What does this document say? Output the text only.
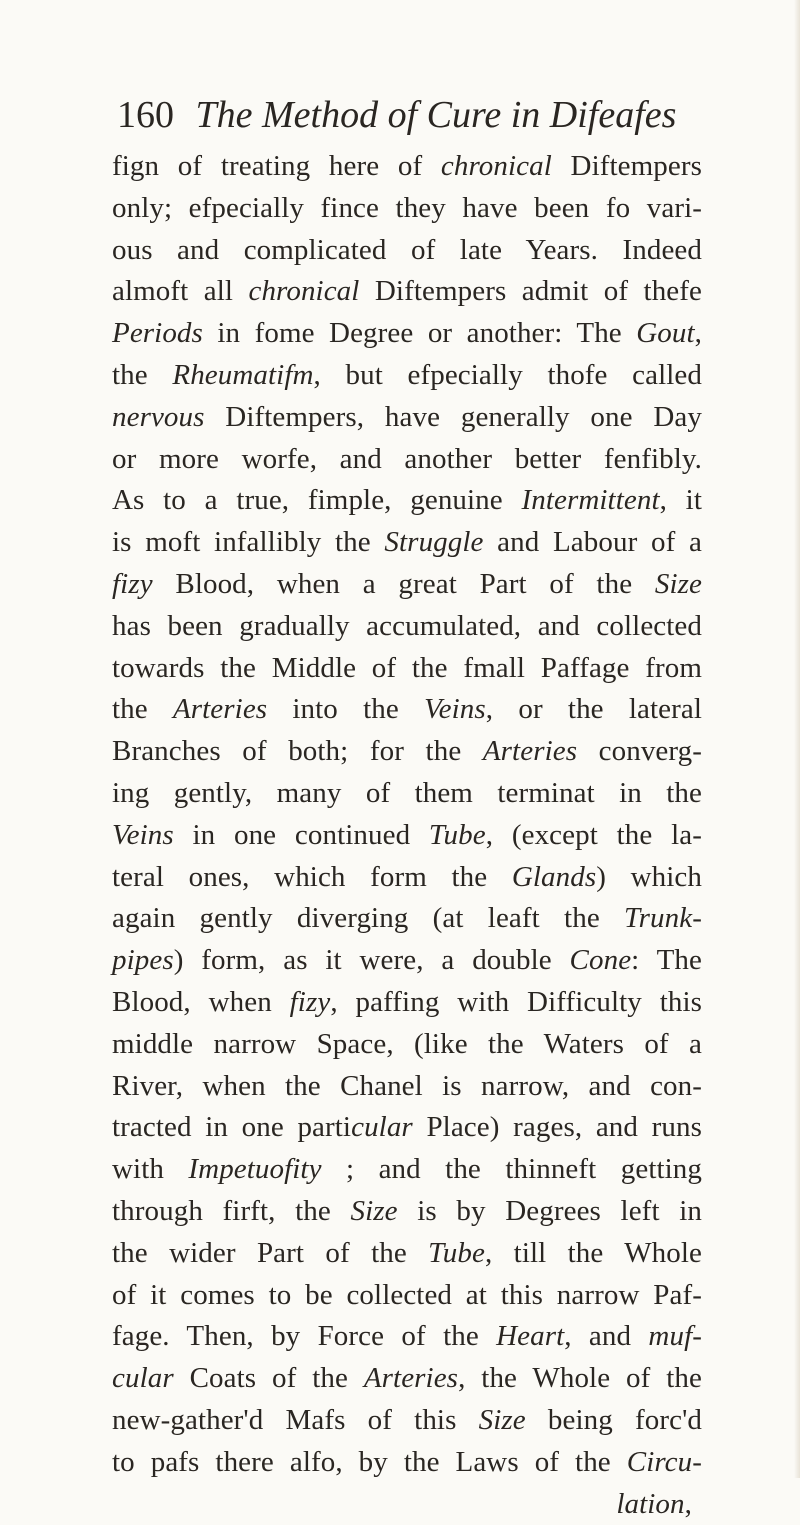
160 The Method of Cure in Difeafes
fign of treating here of chronical Diftempers
only; efpecially fince they have been fo vari-
ous and complicated of late Years. Indeed
almoft all chronical Diftempers admit of thefe
Periods in fome Degree or another: The Gout,
the Rheumatifm, but efpecially thofe called
nervous Diftempers, have generally one Day
or more worfe, and another better fenfibly.
As to a true, fimple, genuine Intermittent, it
is moft infallibly the Struggle and Labour of a
fizy Blood, when a great Part of the Size
has been gradually accumulated, and collected
towards the Middle of the fmall Paffage from
the Arteries into the Veins, or the lateral
Branches of both; for the Arteries converg-
ing gently, many of them terminat in the
Veins in one continued Tube, (except the la-
teral ones, which form the Glands) which
again gently diverging (at leaft the Trunk-
pipes) form, as it were, a double Cone: The
Blood, when fizy, paffing with Difficulty this
middle narrow Space, (like the Waters of a
River, when the Chanel is narrow, and con-
tracted in one particular Place) rages, and runs
with Impetuofity ; and the thinneft getting
through firft, the Size is by Degrees left in
the wider Part of the Tube, till the Whole
of it comes to be collected at this narrow Paf-
fage. Then, by Force of the Heart, and muf-
cular Coats of the Arteries, the Whole of the
new-gather'd Mafs of this Size being forc'd
to pafs there alfo, by the Laws of the Circu-
lation,
